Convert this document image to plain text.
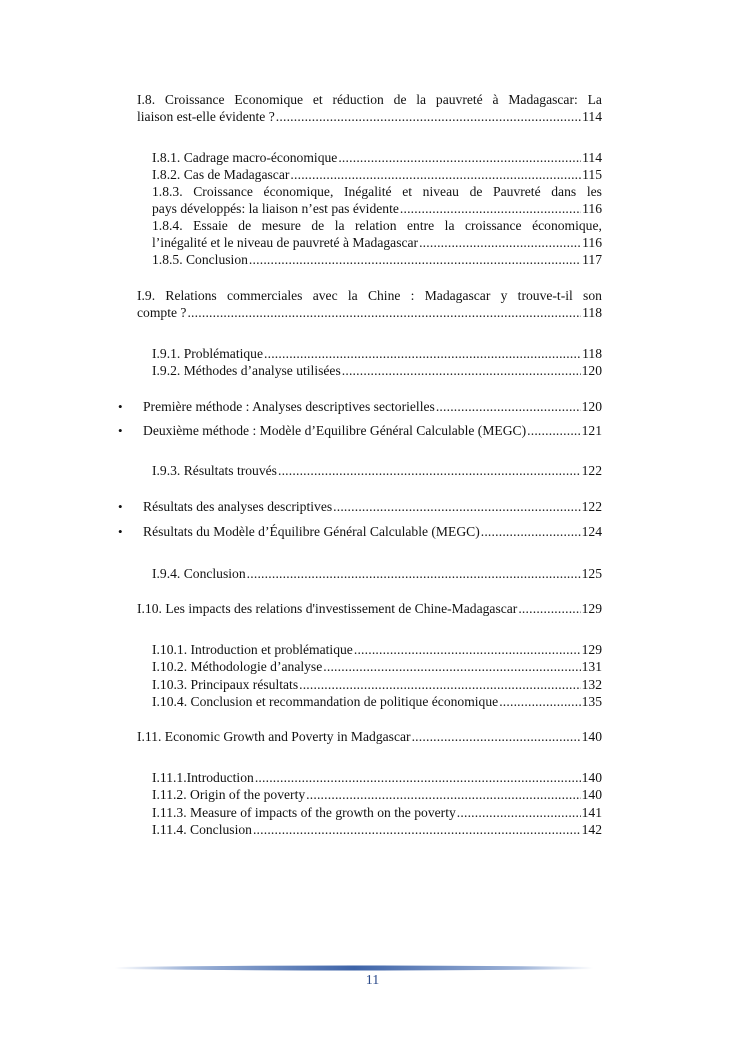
I.8. Croissance Economique et réduction de la pauvreté à Madagascar: La
liaison est-elle évidente ? .....	114
I.8.1. Cadrage macro-économique .....	114
I.8.2. Cas de Madagascar .....	115
1.8.3. Croissance économique, Inégalité et niveau de Pauvreté dans les
pays développés: la liaison n’est pas évidente .....	116
1.8.4. Essaie de mesure de la relation entre la croissance économique,
l’inégalité et le niveau de pauvreté à Madagascar .....	116
1.8.5. Conclusion .....	117
I.9. Relations commerciales avec la Chine : Madagascar y trouve-t-il son
compte ? .....	118
I.9.1. Problématique .....	118
I.9.2. Méthodes d’analyse utilisées .....	120
• Première méthode : Analyses descriptives sectorielles .....	120
• Deuxième méthode : Modèle d’Equilibre Général Calculable (MEGC) .....	121
I.9.3. Résultats trouvés .....	122
• Résultats des analyses descriptives .....	122
• Résultats du Modèle d’Équilibre Général Calculable (MEGC) .....	124
I.9.4. Conclusion .....	125
I.10. Les impacts des relations d'investissement de Chine-Madagascar .....	129
I.10.1. Introduction et problématique .....	129
I.10.2. Méthodologie d’analyse .....	131
I.10.3. Principaux résultats .....	132
I.10.4. Conclusion et recommandation de politique économique .....	135
I.11. Economic Growth and Poverty in Madgascar .....	140
I.11.1.Introduction .....	140
I.11.2. Origin of the poverty .....	140
I.11.3. Measure of impacts of the growth on the poverty .....	141
I.11.4. Conclusion .....	142
11
